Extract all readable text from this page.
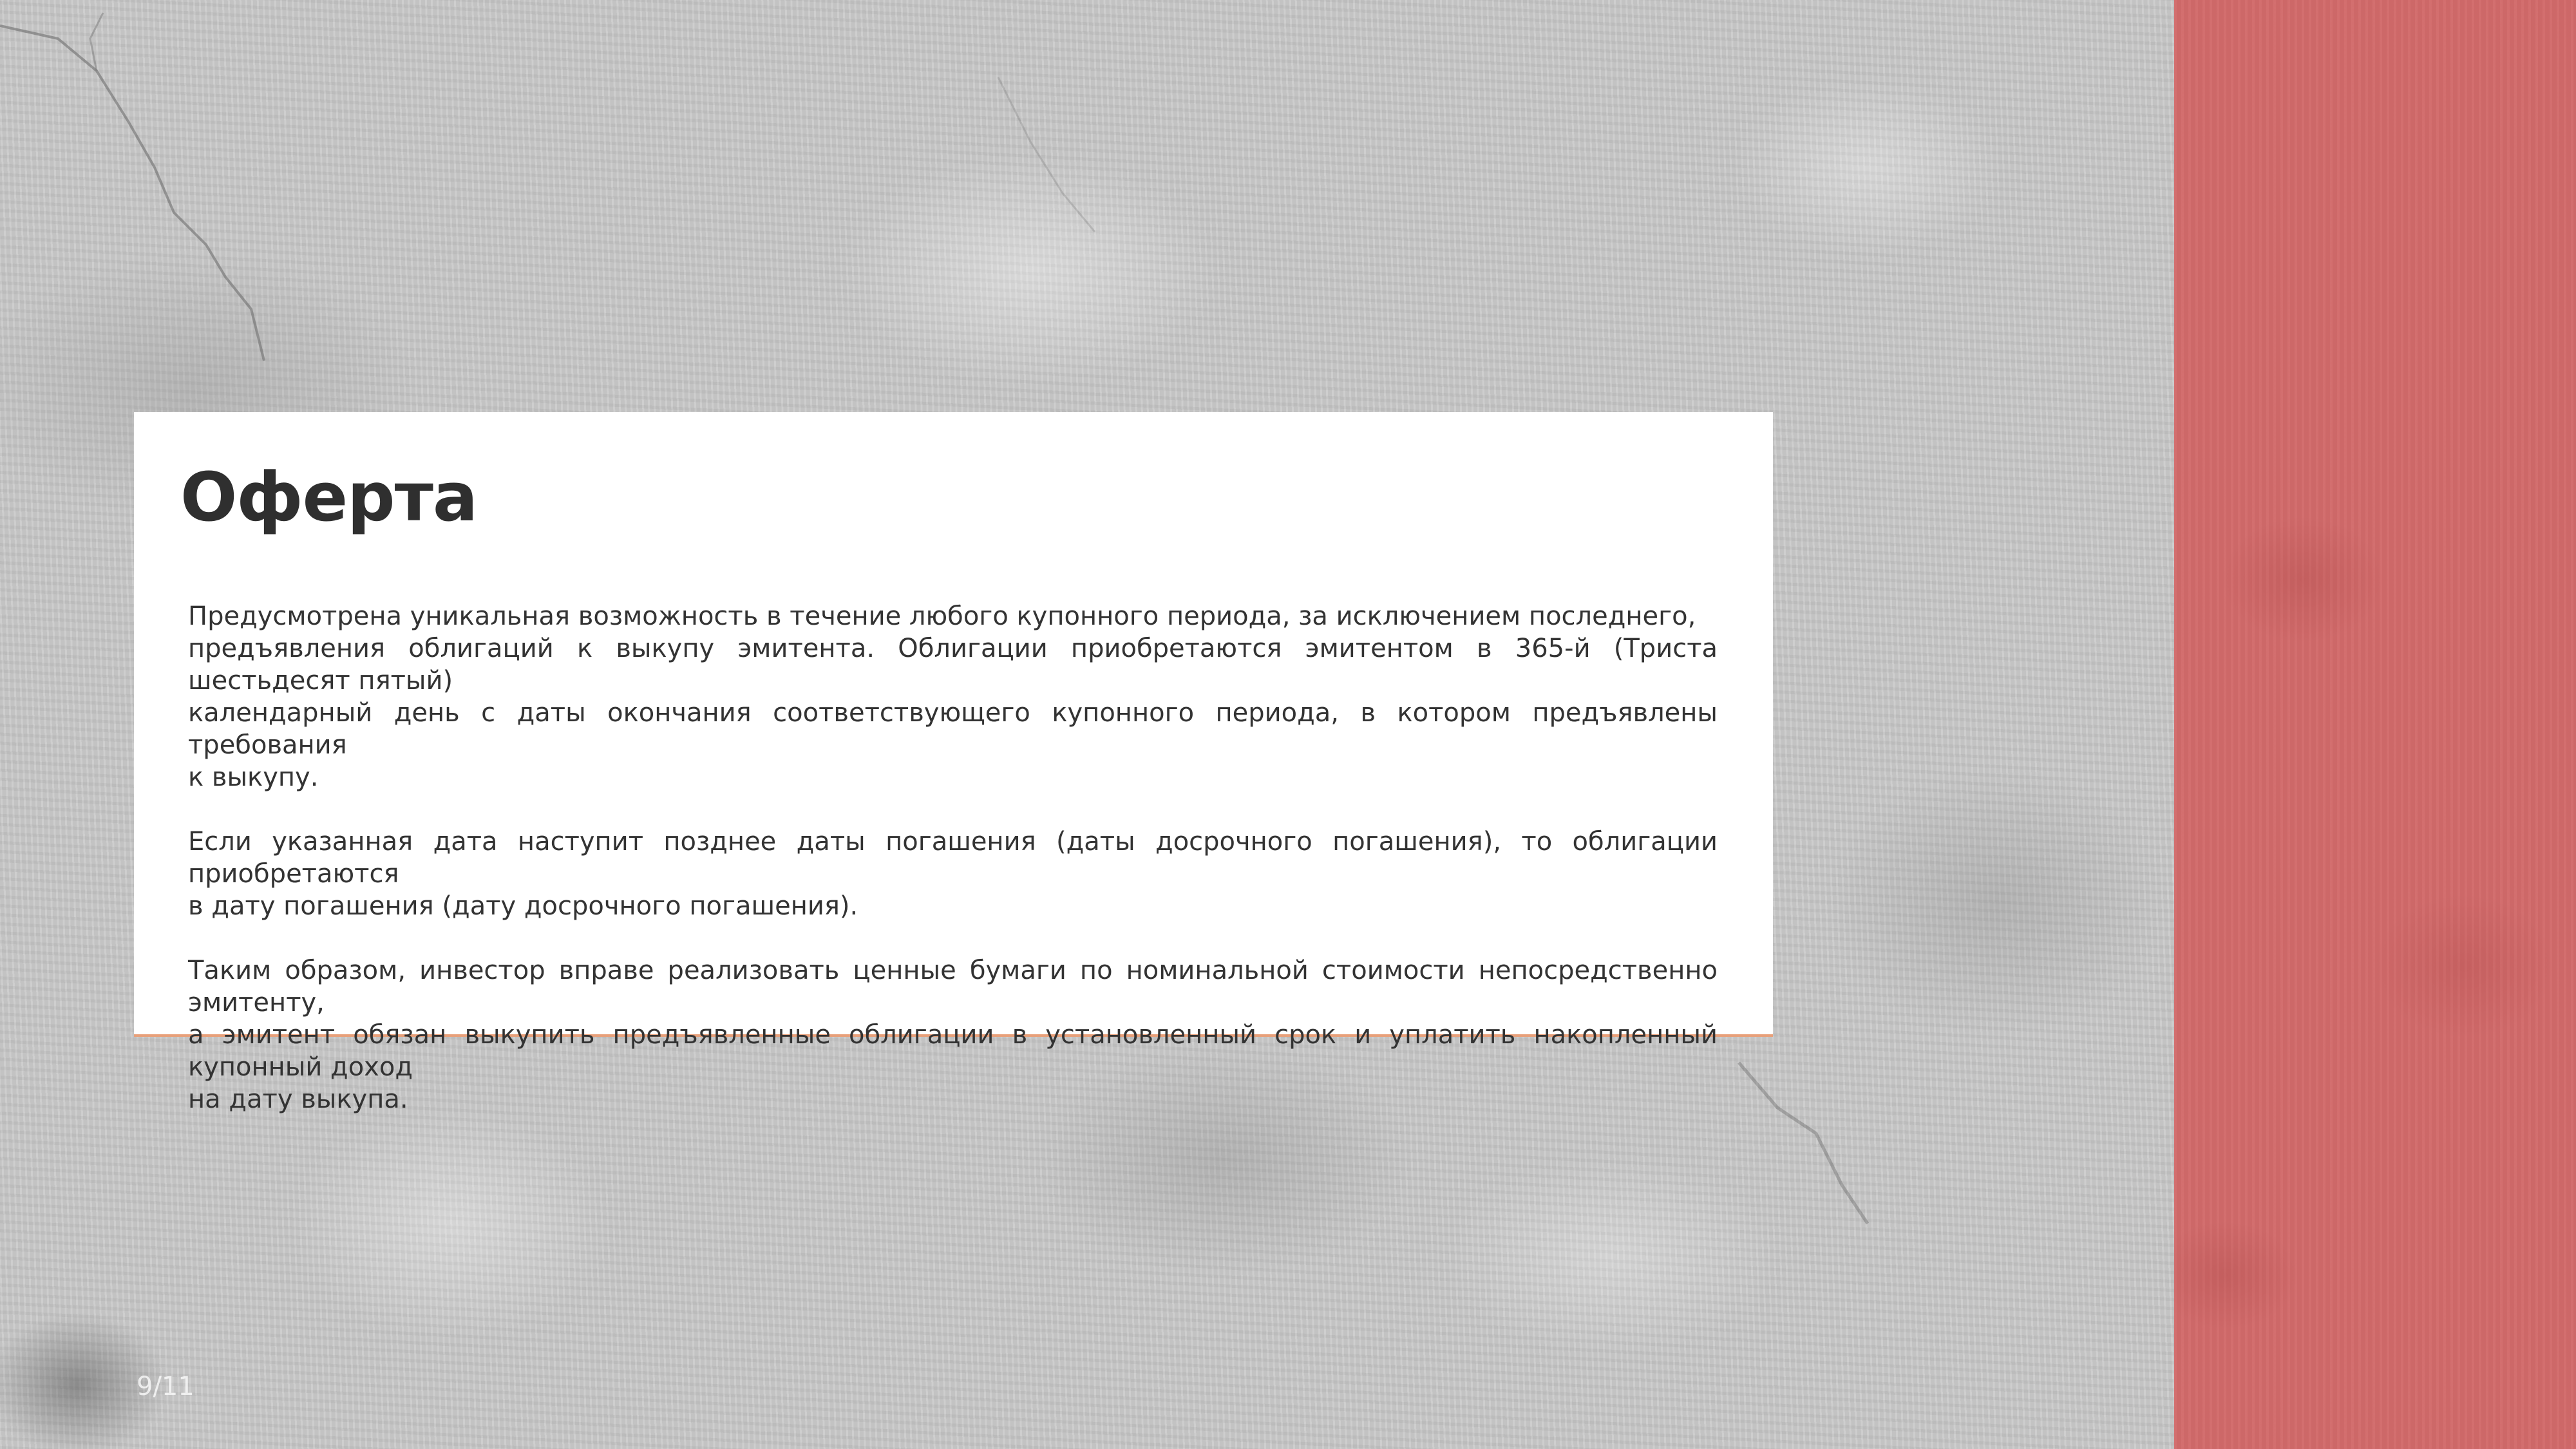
Оферта

Предусмотрена уникальная возможность в течение любого купонного периода, за исключением последнего,
предъявления облигаций к выкупу эмитента. Облигации приобретаются эмитентом в 365-й (Триста шестьдесят пятый)
календарный день с даты окончания соответствующего купонного периода, в котором предъявлены требования
к выкупу.

Если указанная дата наступит позднее даты погашения (даты досрочного погашения), то облигации приобретаются
в дату погашения (дату досрочного погашения).

Таким образом, инвестор вправе реализовать ценные бумаги по номинальной стоимости непосредственно эмитенту,
а эмитент обязан выкупить предъявленные облигации в установленный срок и уплатить накопленный купонный доход
на дату выкупа.

9/11
